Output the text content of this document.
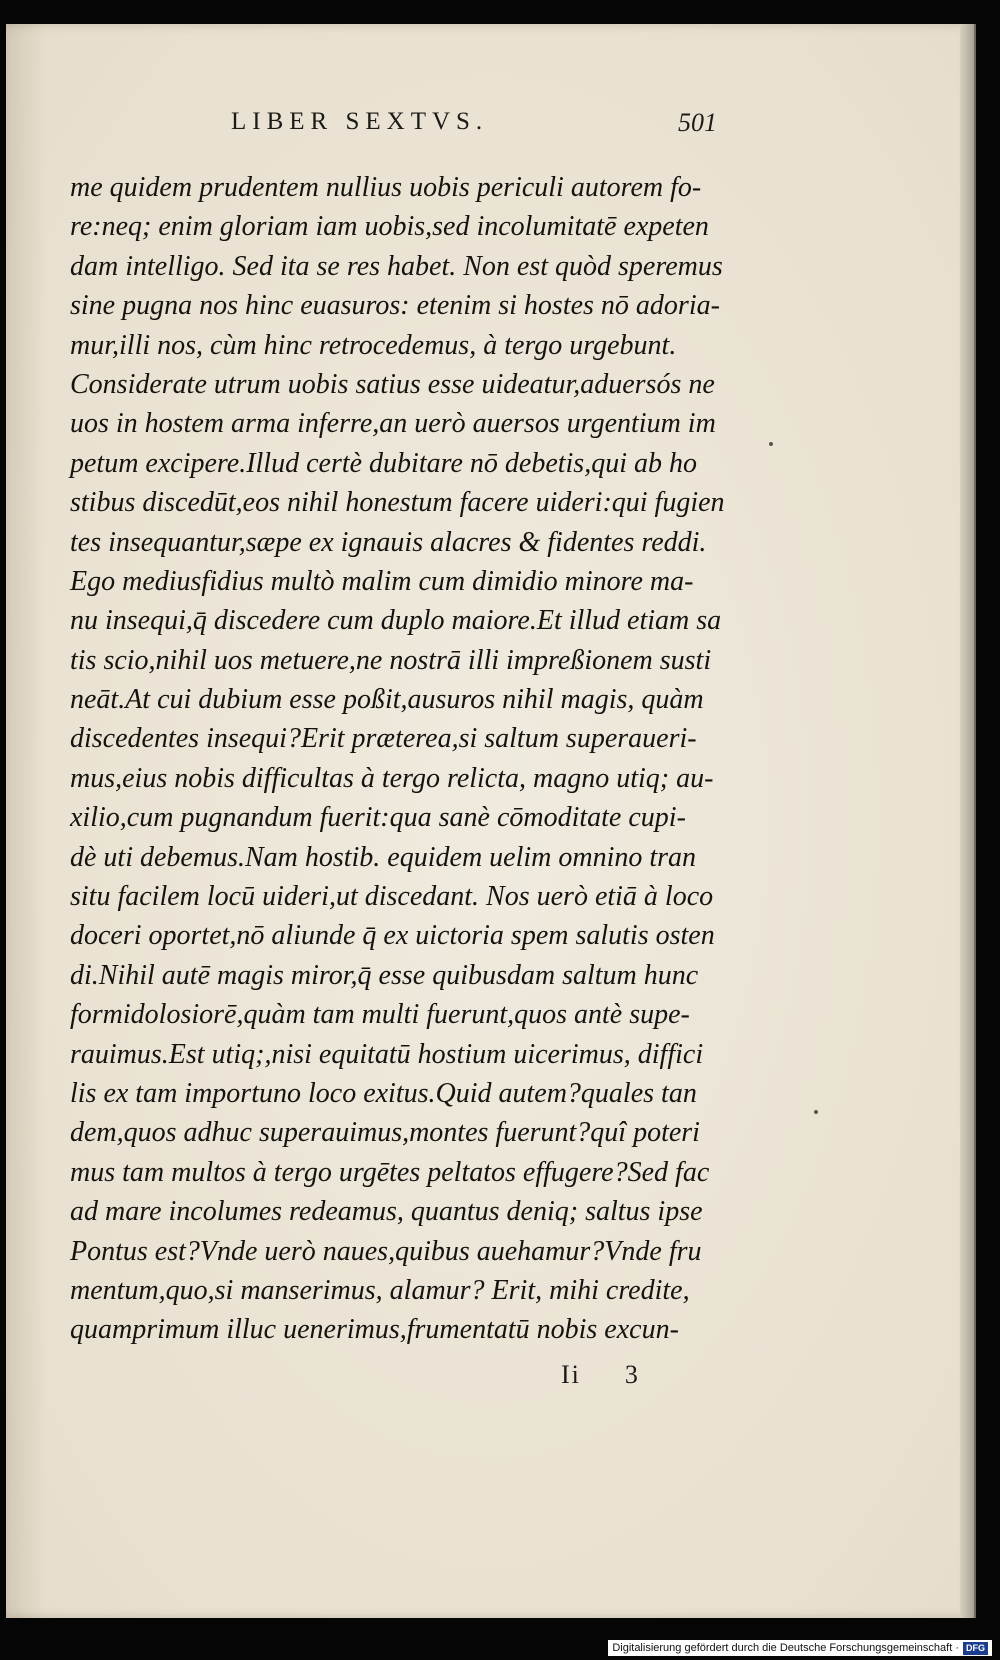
LIBER SEXTVS.	501
me quidem prudentem nullius uobis periculi autorem fo-
re:neq; enim gloriam iam uobis,sed incolumitatē expeten
dam intelligo. Sed ita se res habet. Non est quòd speremus
sine pugna nos hinc euasuros: etenim si hostes nō adoria-
mur,illi nos, cùm hinc retrocedemus, à tergo urgebunt.
Considerate utrum uobis satius esse uideatur,aduersós ne
uos in hostem arma inferre,an uerò auersos urgentium im
petum excipere.Illud certè dubitare nō debetis,qui ab ho
stibus discedūt,eos nihil honestum facere uideri:qui fugien
tes insequantur,sæpe ex ignauis alacres & fidentes reddi.
Ego mediusfidius multò malim cum dimidio minore ma-
nu insequi,q̄ discedere cum duplo maiore.Et illud etiam sa
tis scio,nihil uos metuere,ne nostrā illi impreßionem susti
neāt.At cui dubium esse poßit,ausuros nihil magis, quàm
discedentes insequi?Erit præterea,si saltum superaueri-
mus,eius nobis difficultas à tergo relicta, magno utiq; au-
xilio,cum pugnandum fuerit:qua sanè cōmoditate cupi-
dè uti debemus.Nam hostib. equidem uelim omnino tran
situ facilem locū uideri,ut discedant. Nos uerò etiā à loco
doceri oportet,nō aliunde q̄ ex uictoria spem salutis osten
di.Nihil autē magis miror,q̄ esse quibusdam saltum hunc
formidolosiorē,quàm tam multi fuerunt,quos antè supe-
rauimus.Est utiq;,nisi equitatū hostium uicerimus, diffici
lis ex tam importuno loco exitus.Quid autem?quales tan
dem,quos adhuc superauimus,montes fuerunt?quî poteri
mus tam multos à tergo urgētes peltatos effugere?Sed fac
ad mare incolumes redeamus, quantus deniq; saltus ipse
Pontus est?Vnde uerò naues,quibus auehamur?Vnde fru
mentum,quo,si manserimus, alamur? Erit, mihi credite,
quamprimum illuc uenerimus,frumentatū nobis excun-
Ii 3
Digitalisierung gefördert durch die Deutsche Forschungsgemeinschaft · DFG
